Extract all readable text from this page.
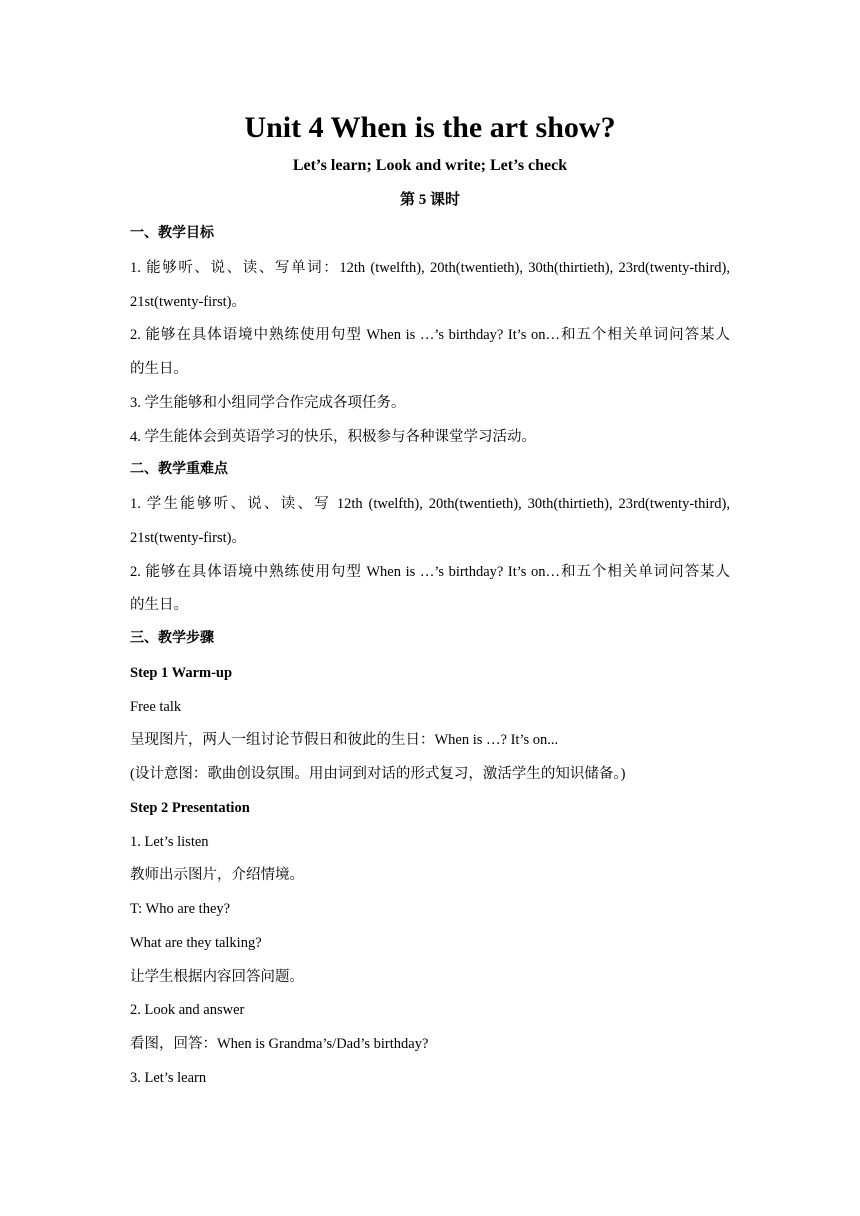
Unit 4 When is the art show?
Let’s learn; Look and write; Let’s check
第 5 课时
一、教学目标
1. 能够听、说、读、写单词：12th (twelfth), 20th(twentieth), 30th(thirtieth), 23rd(twenty-third),
21st(twenty-first)。
2. 能够在具体语境中熟练使用句型 When is …’s birthday? It’s on…和五个相关单词问答某人
的生日。
3. 学生能够和小组同学合作完成各项任务。
4. 学生能体会到英语学习的快乐，积极参与各种课堂学习活动。
二、教学重难点
1. 学生能够听、说、读、写 12th (twelfth), 20th(twentieth), 30th(thirtieth), 23rd(twenty-third),
21st(twenty-first)。
2. 能够在具体语境中熟练使用句型 When is …’s birthday? It’s on…和五个相关单词问答某人
的生日。
三、教学步骤
Step 1 Warm-up
Free talk
呈现图片，两人一组讨论节假日和彼此的生日：When is …? It’s on...
(设计意图：歌曲创设氛围。用由词到对话的形式复习，激活学生的知识储备。)
Step 2 Presentation
1. Let’s listen
教师出示图片，介绍情境。
T: Who are they?
What are they talking?
让学生根据内容回答问题。
2. Look and answer
看图，回答：When is Grandma’s/Dad’s birthday?
3. Let’s learn
